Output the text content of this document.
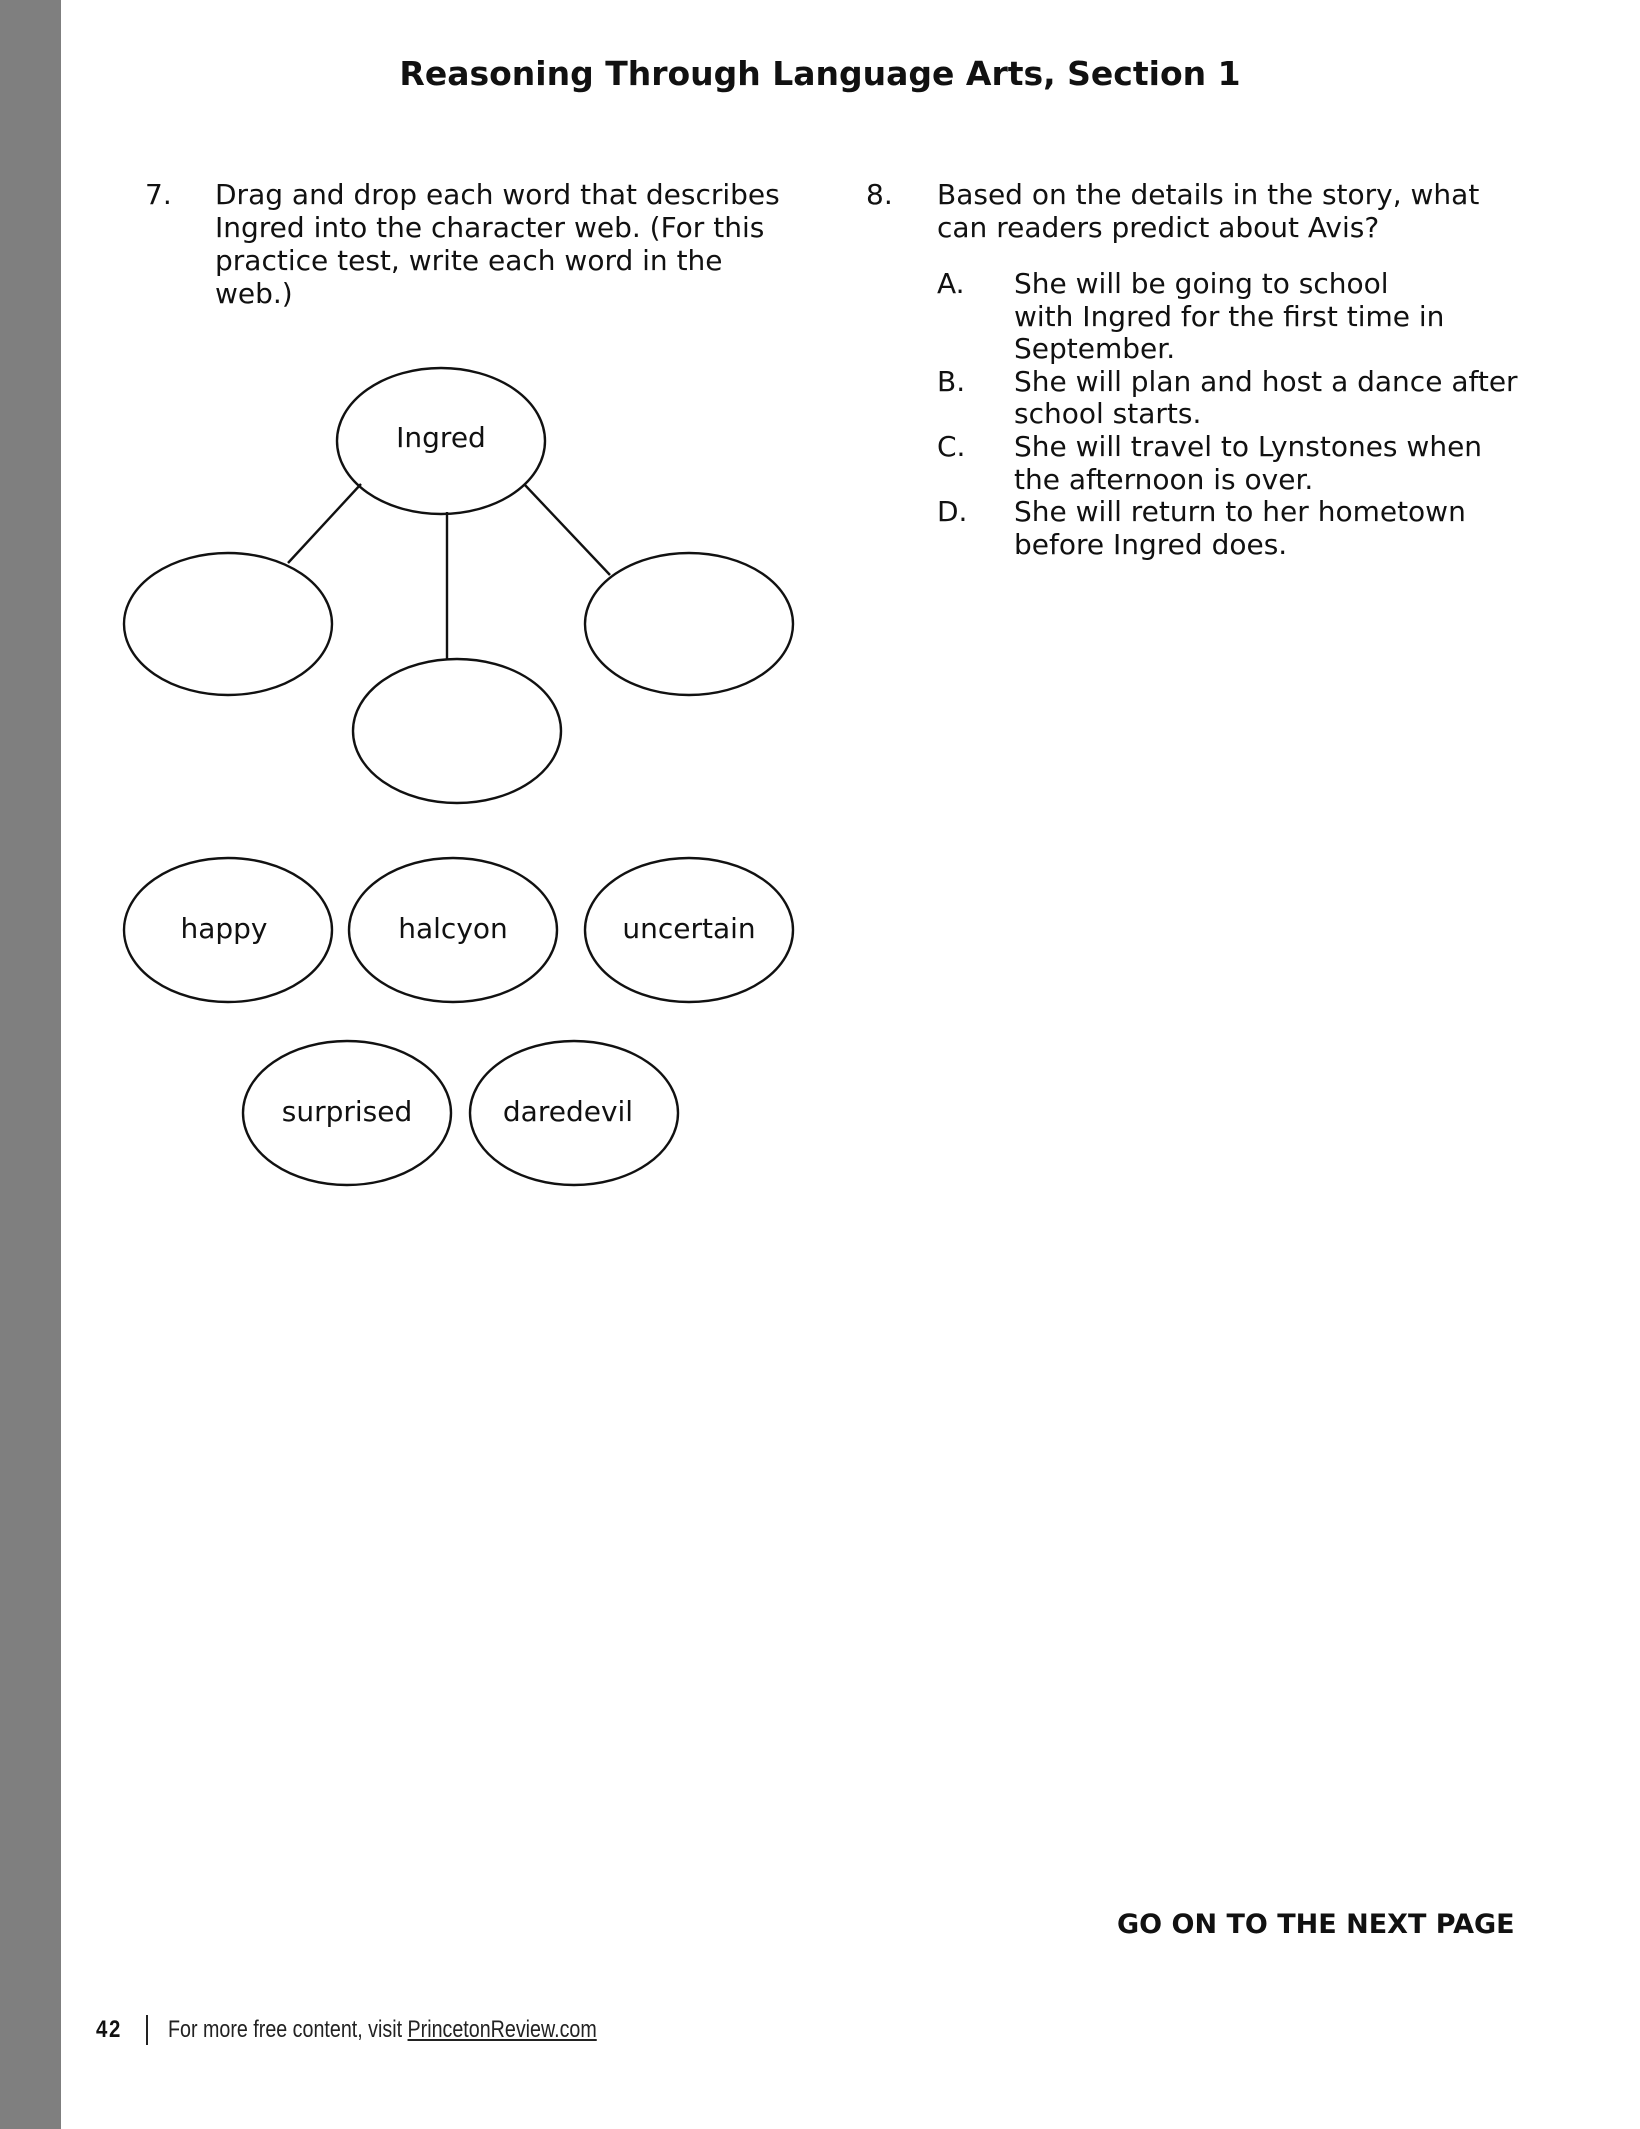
Reasoning Through Language Arts, Section 1
7. Drag and drop each word that describes
Ingred into the character web. (For this
practice test, write each word in the
web.)
Ingred
happy	halcyon	uncertain
surprised	daredevil
8. Based on the details in the story, what
can readers predict about Avis?
A. She will be going to school
with Ingred for the first time in
September.
B. She will plan and host a dance after
school starts.
C. She will travel to Lynstones when
the afternoon is over.
D. She will return to her hometown
before Ingred does.
GO ON TO THE NEXT PAGE
42 For more free content, visit PrincetonReview.com
